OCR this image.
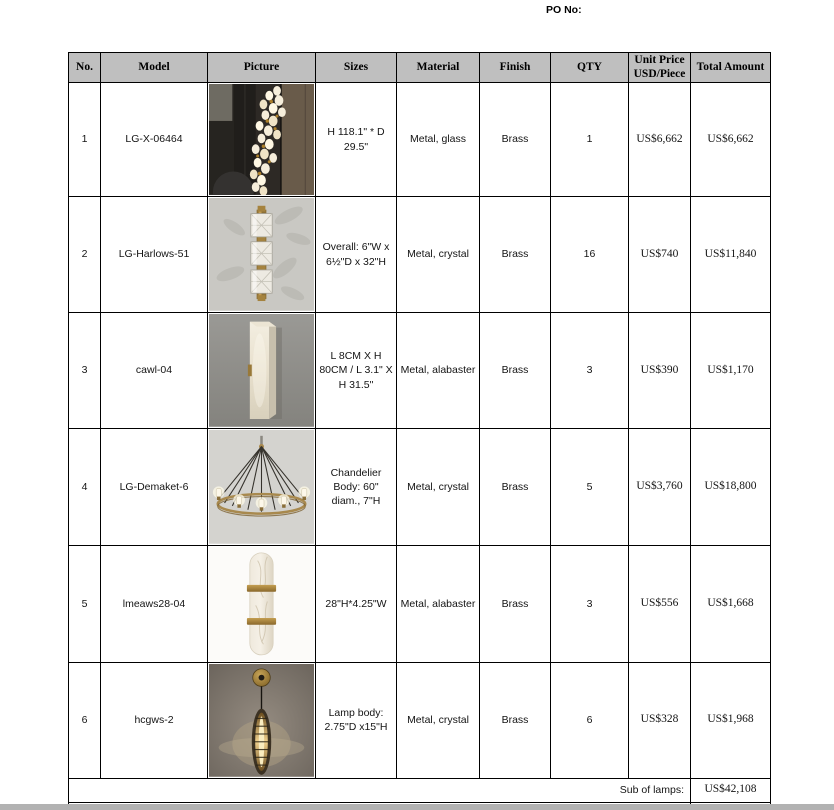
PO No:
No.	Model	Picture	Sizes	Material	Finish	QTY	Unit Price USD/Piece	Total Amount
1	LG-X-06464		H 118.1" * D 29.5"	Metal, glass	Brass	1	US$6,662	US$6,662
2	LG-Harlows-51		Overall: 6"W x 6½"D x 32"H	Metal, crystal	Brass	16	US$740	US$11,840
3	cawl-04		L 8CM X H 80CM / L 3.1" X H 31.5"	Metal, alabaster	Brass	3	US$390	US$1,170
4	LG-Demaket-6		Chandelier Body: 60" diam., 7"H	Metal, crystal	Brass	5	US$3,760	US$18,800
5	lmeaws28-04		28"H*4.25"W	Metal, alabaster	Brass	3	US$556	US$1,668
6	hcgws-2		Lamp body: 2.75"D x15"H	Metal, crystal	Brass	6	US$328	US$1,968
Sub of lamps:								US$42,108
